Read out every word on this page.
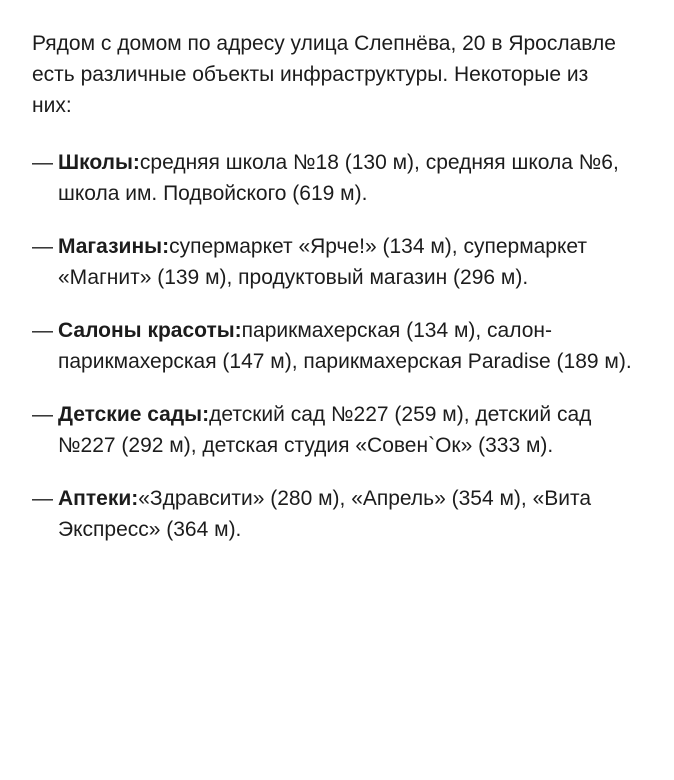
Рядом с домом по адресу улица Слепнёва, 20 в Ярославле есть различные объекты инфраструктуры. Некоторые из них:

— Школы:средняя школа №18 (130 м), средняя школа №6, школа им. Подвойского (619 м).
— Магазины:супермаркет «Ярче!» (134 м), супермаркет «Магнит» (139 м), продуктовый магазин (296 м).
— Салоны красоты:парикмахерская (134 м), салон-парикмахерская (147 м), парикмахерская Paradise (189 м).
— Детские сады:детский сад №227 (259 м), детский сад №227 (292 м), детская студия «Совен`Ок» (333 м).
— Аптеки:«Здравсити» (280 м), «Апрель» (354 м), «Вита Экспресс» (364 м).
